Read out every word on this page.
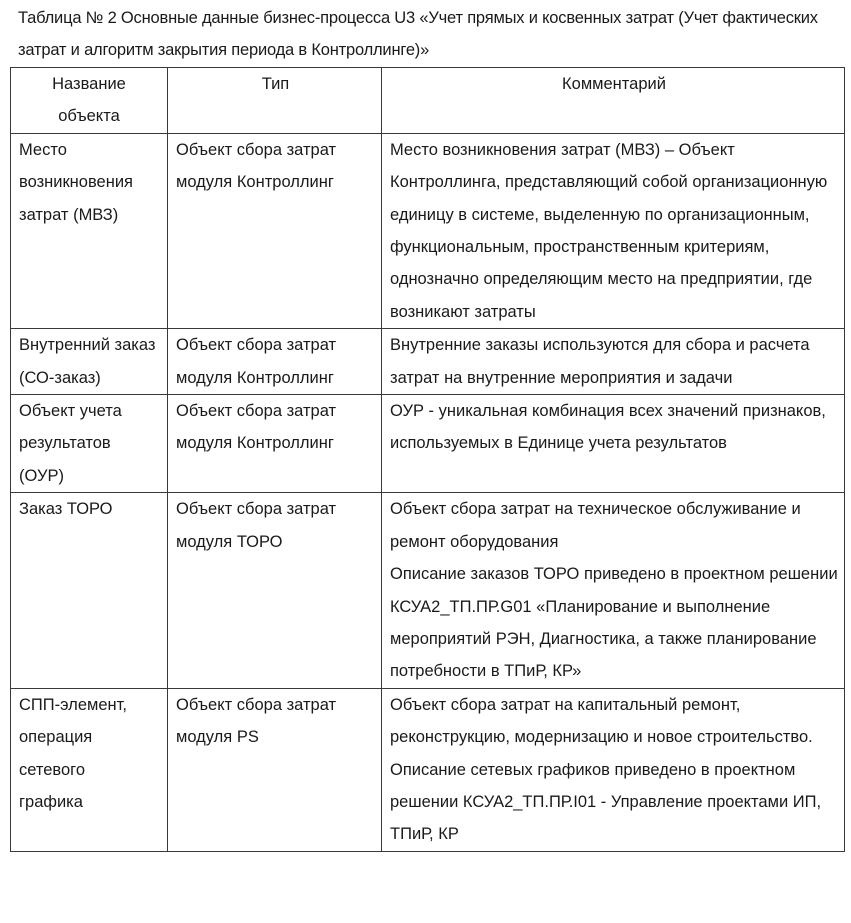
Таблица № 2 Основные данные бизнес-процесса U3 «Учет прямых и косвенных затрат (Учет фактических затрат и алгоритм закрытия периода в Контроллинге)»
Название объекта	Тип	Комментарий
Место возникновения затрат (МВЗ)	Объект сбора затрат модуля Контроллинг	Место возникновения затрат (МВЗ) – Объект Контроллинга, представляющий собой организационную единицу в системе, выделенную по организационным, функциональным, пространственным критериям, однозначно определяющим место на предприятии, где возникают затраты

Внутренний заказ (СО-заказ)	Объект сбора затрат модуля Контроллинг	Внутренние заказы используются для сбора и расчета затрат на внутренние мероприятия и задачи

Объект учета результатов (ОУР)	Объект сбора затрат модуля Контроллинг	ОУР - уникальная комбинация всех значений признаков, используемых в Единице учета результатов

Заказ ТОРО	Объект сбора затрат модуля ТОРО	Объект сбора затрат на техническое обслуживание и ремонт оборудования
Описание заказов ТОРО приведено в проектном решении КСУА2_ТП.ПР.G01 «Планирование и выполнение мероприятий РЭН, Диагностика, а также планирование потребности в ТПиР, КР»

СПП-элемент, операция сетевого графика	Объект сбора затрат модуля PS	Объект сбора затрат на капитальный ремонт, реконструкцию, модернизацию и новое строительство.
Описание сетевых графиков приведено в проектном решении КСУА2_ТП.ПР.I01 - Управление проектами ИП, ТПиР, КР
